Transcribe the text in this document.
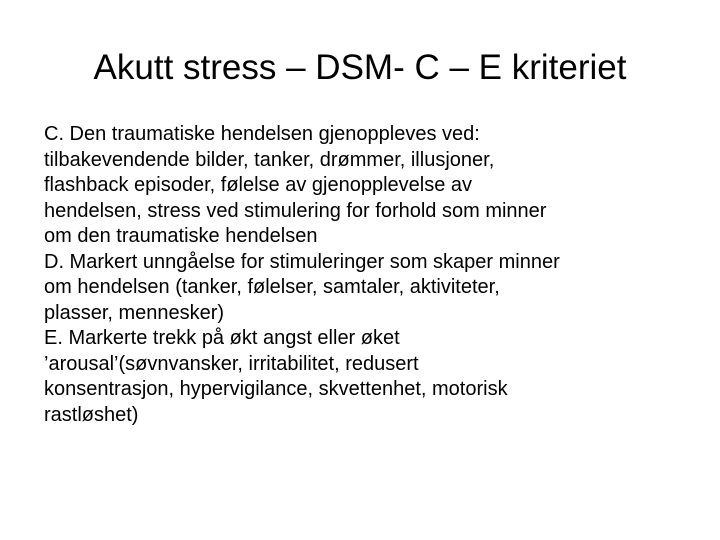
Akutt stress – DSM- C – E kriteriet
C. Den traumatiske hendelsen gjenoppleves ved:
tilbakevendende bilder, tanker, drømmer, illusjoner,
flashback episoder, følelse av gjenopplevelse av
hendelsen, stress ved stimulering for forhold som minner
om den traumatiske hendelsen
D. Markert unngåelse for stimuleringer som skaper minner
om hendelsen (tanker, følelser, samtaler, aktiviteter,
plasser, mennesker)
E. Markerte trekk på økt angst eller øket
’arousal’(søvnvansker, irritabilitet, redusert
konsentrasjon, hypervigilance, skvettenhet, motorisk
rastløshet)
